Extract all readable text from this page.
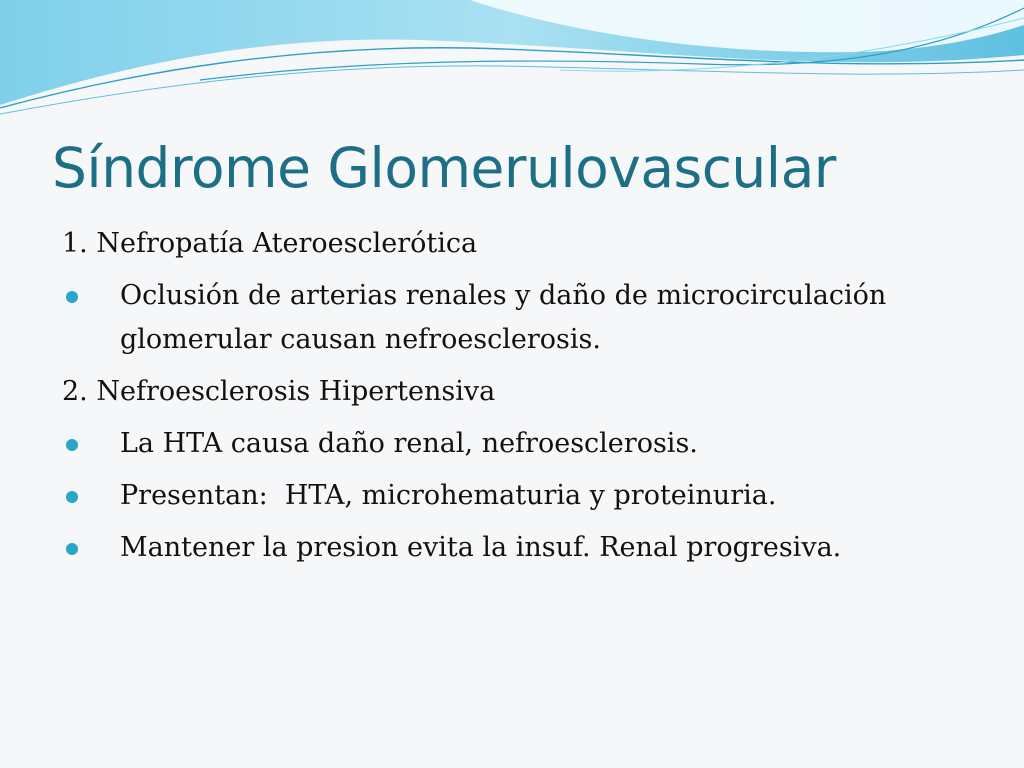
Síndrome Glomerulovascular

1. Nefropatía Ateroesclerótica

Oclusión de arterias renales y daño de microcirculación glomerular causan nefroesclerosis.

2. Nefroesclerosis Hipertensiva

La HTA causa daño renal, nefroesclerosis.
Presentan:  HTA, microhematuria y proteinuria.
Mantener la presion evita la insuf. Renal progresiva.
